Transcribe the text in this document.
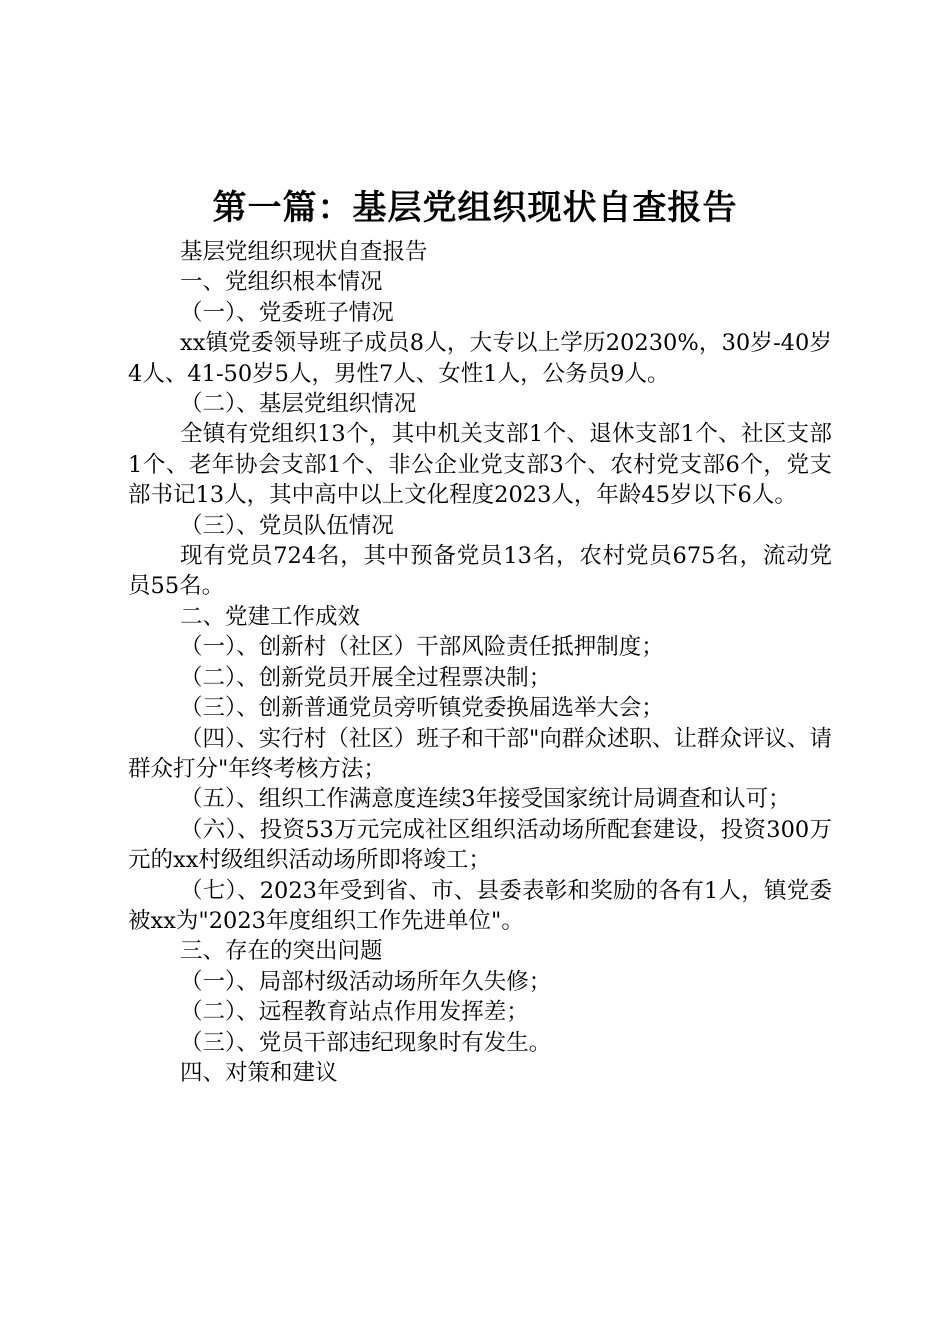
第一篇：基层党组织现状自查报告

基层党组织现状自查报告

一、党组织根本情况

（一）、党委班子情况

xx镇党委领导班子成员8人，大专以上学历20230%，30岁-40岁4人、41-50岁5人，男性7人、女性1人，公务员9人。

（二）、基层党组织情况

全镇有党组织13个，其中机关支部1个、退休支部1个、社区支部1个、老年协会支部1个、非公企业党支部3个、农村党支部6个，党支部书记13人，其中高中以上文化程度2023人，年龄45岁以下6人。

（三）、党员队伍情况

现有党员724名，其中预备党员13名，农村党员675名，流动党员55名。

二、党建工作成效

（一）、创新村（社区）干部风险责任抵押制度；

（二）、创新党员开展全过程票决制；

（三）、创新普通党员旁听镇党委换届选举大会；

（四）、实行村（社区）班子和干部"向群众述职、让群众评议、请群众打分"年终考核方法；

（五）、组织工作满意度连续3年接受国家统计局调查和认可；

（六）、投资53万元完成社区组织活动场所配套建设，投资300万元的xx村级组织活动场所即将竣工；

（七）、2023年受到省、市、县委表彰和奖励的各有1人，镇党委被xx为"2023年度组织工作先进单位"。

三、存在的突出问题

（一）、局部村级活动场所年久失修；

（二）、远程教育站点作用发挥差；

（三）、党员干部违纪现象时有发生。

四、对策和建议
